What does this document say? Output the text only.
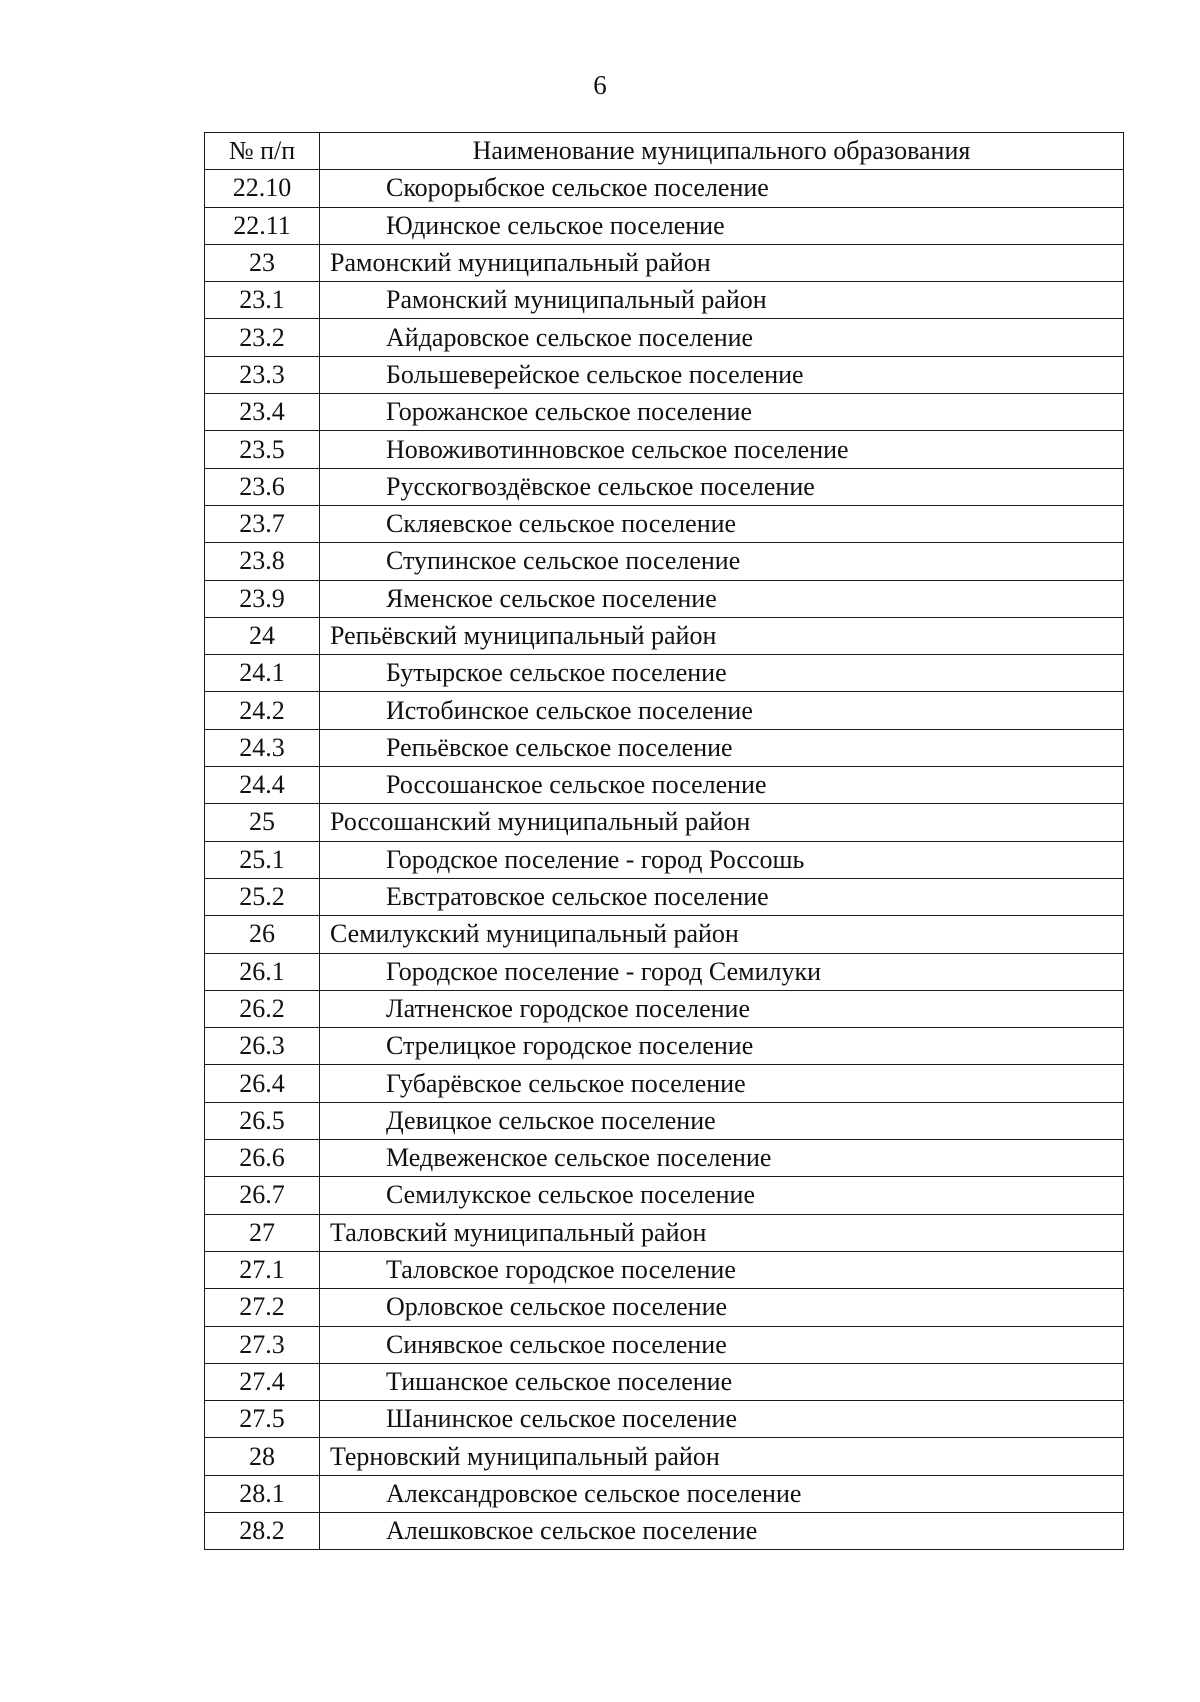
6
№ п/п	Наименование муниципального образования
22.10	Скорорыбское сельское поселение
22.11	Юдинское сельское поселение
23	Рамонский муниципальный район
23.1	Рамонский муниципальный район
23.2	Айдаровское сельское поселение
23.3	Большеверейское сельское поселение
23.4	Горожанское сельское поселение
23.5	Новоживотинновское сельское поселение
23.6	Русскогвоздёвское сельское поселение
23.7	Скляевское сельское поселение
23.8	Ступинское сельское поселение
23.9	Яменское сельское поселение
24	Репьёвский муниципальный район
24.1	Бутырское сельское поселение
24.2	Истобинское сельское поселение
24.3	Репьёвское сельское поселение
24.4	Россошанское сельское поселение
25	Россошанский муниципальный район
25.1	Городское поселение - город Россошь
25.2	Евстратовское сельское поселение
26	Семилукский муниципальный район
26.1	Городское поселение - город Семилуки
26.2	Латненское городское поселение
26.3	Стрелицкое городское поселение
26.4	Губарёвское сельское поселение
26.5	Девицкое сельское поселение
26.6	Медвеженское сельское поселение
26.7	Семилукское сельское поселение
27	Таловский муниципальный район
27.1	Таловское городское поселение
27.2	Орловское сельское поселение
27.3	Синявское сельское поселение
27.4	Тишанское сельское поселение
27.5	Шанинское сельское поселение
28	Терновский муниципальный район
28.1	Александровское сельское поселение
28.2	Алешковское сельское поселение
